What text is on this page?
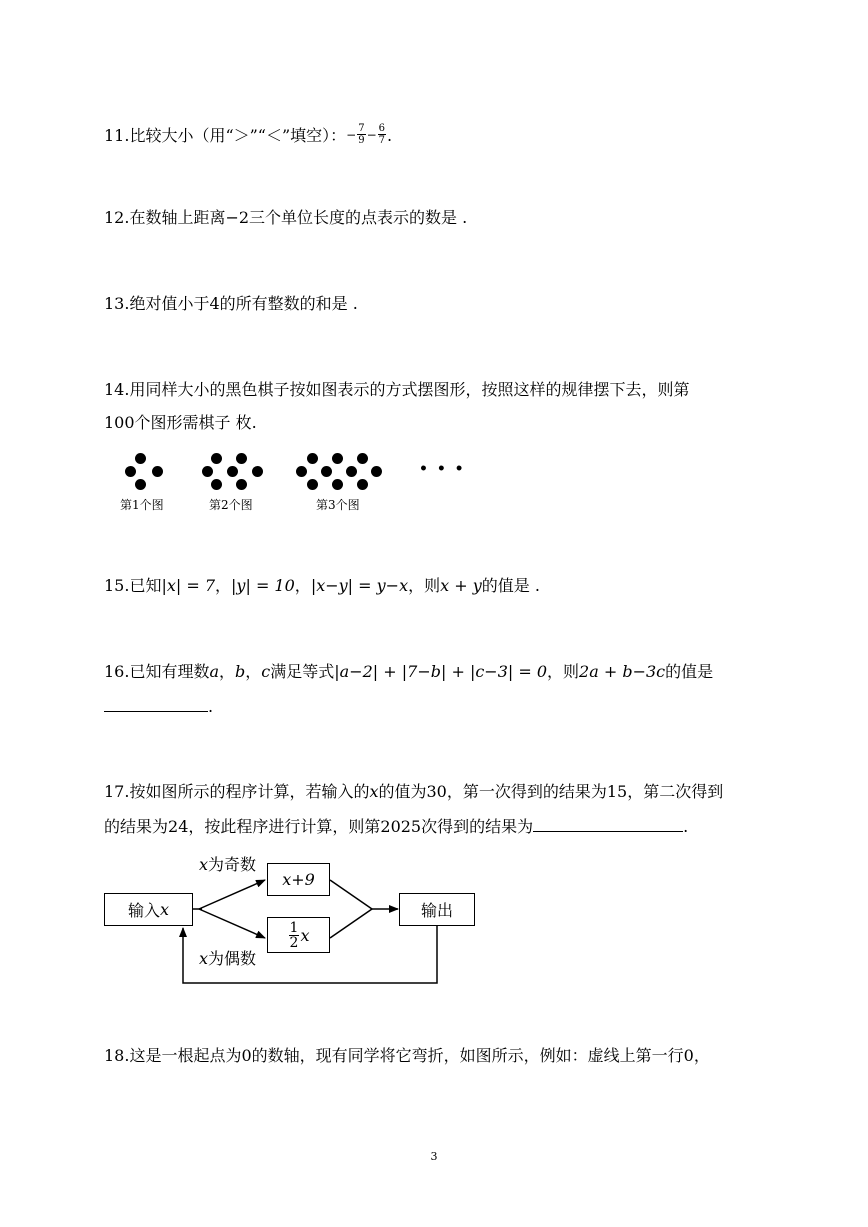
11.比较大小（用“＞”“＜”填空）：− $\frac{7}{9} - \frac{6}{7}$ .
12.在数轴上距离−2三个单位长度的点表示的数是 .
13.绝对值小于4的所有整数的和是 .
14.用同样大小的黑色棋子按如图表示的方式摆图形，按照这样的规律摆下去，则第
100个图形需棋子 枚.
• • •
第1个图	第2个图	第3个图
15.已知|x| = 7，|y| = 10，|x−y| = y−x，则x + y的值是 .
16.已知有理数a，b，c满足等式|a−2| + |7−b| + |c−3| = 0，则2a + b−3c的值是
.
17.按如图所示的程序计算，若输入的x的值为30，第一次得到的结果为15，第二次得到
的结果为24，按此程序进行计算，则第2025次得到的结果为	.
输入 x
x为奇数
x+9
$\frac{1}{2}$ x
x为偶数
输出
18.这是一根起点为0的数轴，现有同学将它弯折，如图所示，例如：虚线上第一行0，
3
